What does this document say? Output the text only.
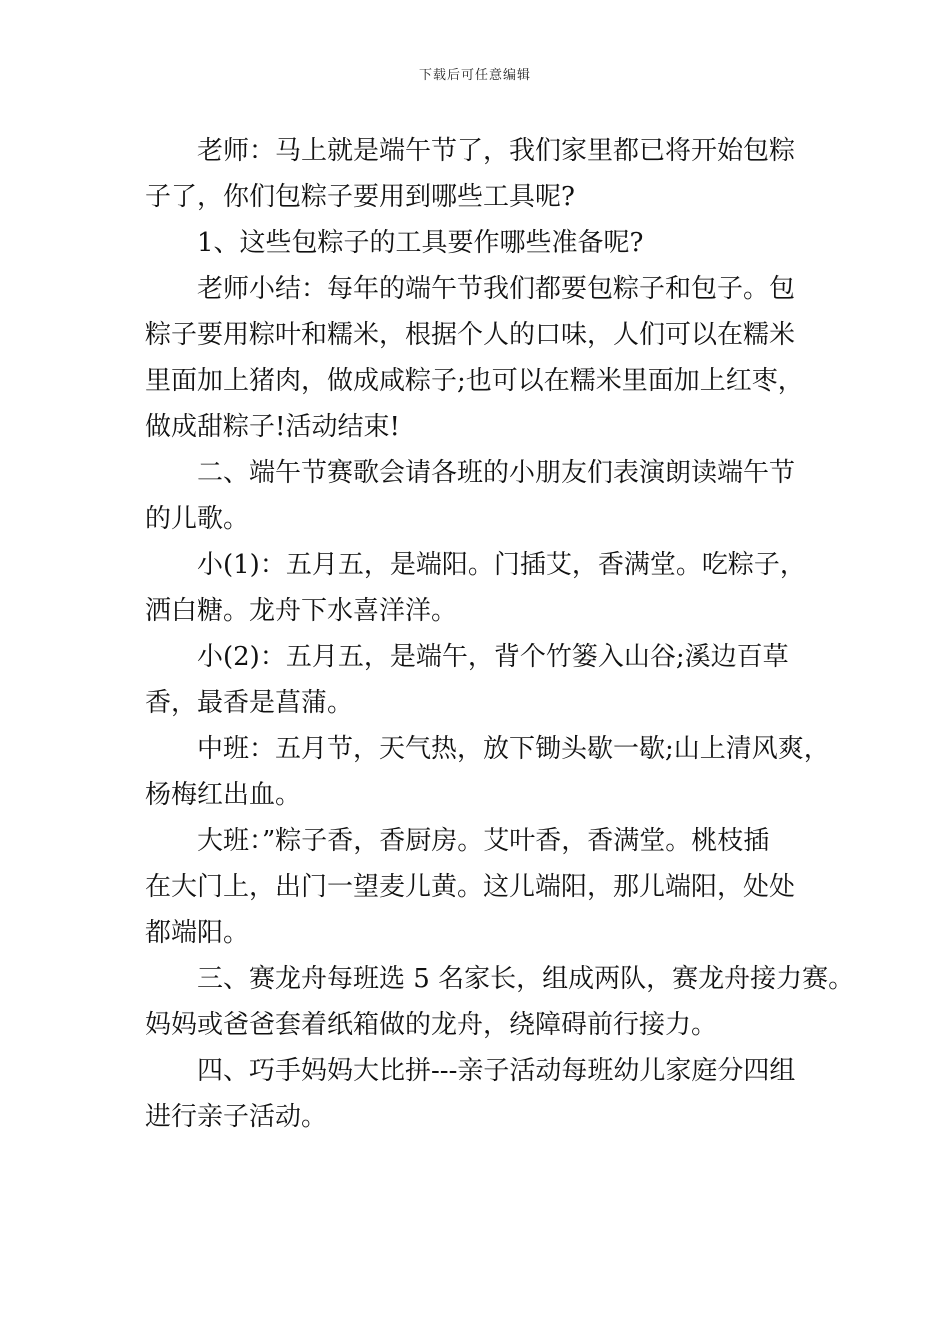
下载后可任意编辑
老师：马上就是端午节了，我们家里都已将开始包粽
子了，你们包粽子要用到哪些工具呢?
1、这些包粽子的工具要作哪些准备呢?
老师小结：每年的端午节我们都要包粽子和包子。包
粽子要用粽叶和糯米，根据个人的口味，人们可以在糯米
里面加上猪肉，做成咸粽子;也可以在糯米里面加上红枣，
做成甜粽子!活动结束!
二、端午节赛歌会请各班的小朋友们表演朗读端午节
的儿歌。
小(1)：五月五，是端阳。门插艾，香满堂。吃粽子，
洒白糖。龙舟下水喜洋洋。
小(2)：五月五，是端午，背个竹篓入山谷;溪边百草
香，最香是菖蒲。
中班：五月节，天气热，放下锄头歇一歇;山上清风爽，
杨梅红出血。
大班：”粽子香，香厨房。艾叶香，香满堂。桃枝插
在大门上，出门一望麦儿黄。这儿端阳，那儿端阳，处处
都端阳。
三、赛龙舟每班选 5 名家长，组成两队，赛龙舟接力赛。
妈妈或爸爸套着纸箱做的龙舟，绕障碍前行接力。
四、巧手妈妈大比拼---亲子活动每班幼儿家庭分四组
进行亲子活动。
